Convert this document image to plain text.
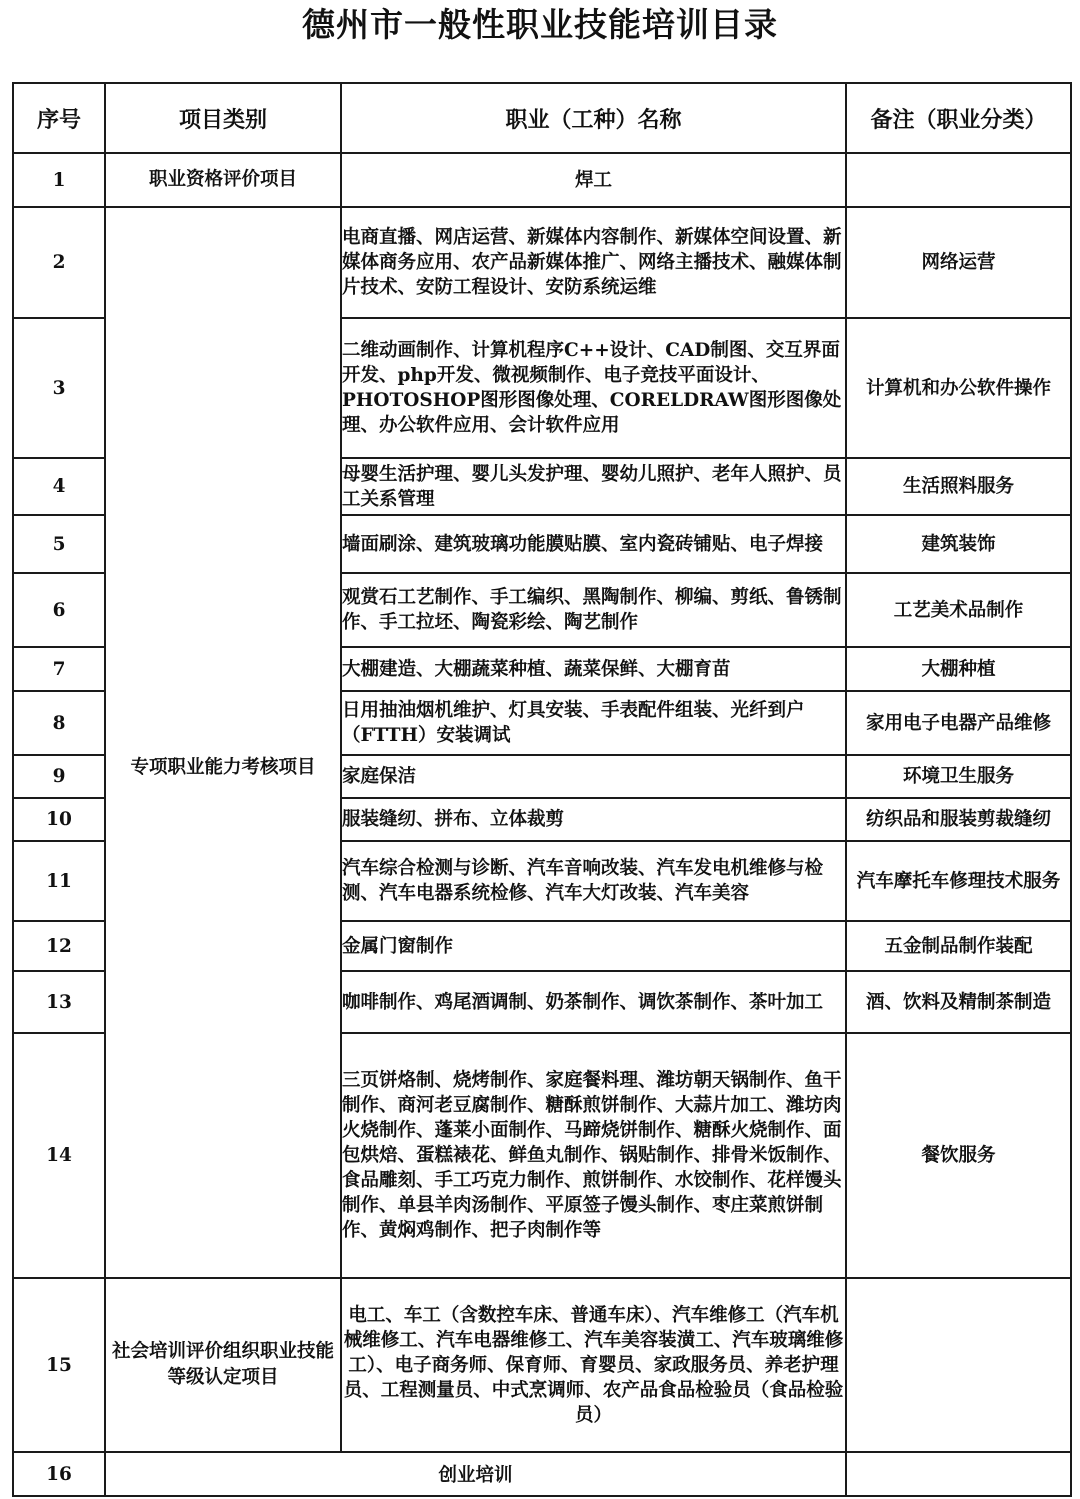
德州市一般性职业技能培训目录
序号	项目类别	职业（工种）名称	备注（职业分类）
1	职业资格评价项目	焊工	
2	专项职业能力考核项目	电商直播、网店运营、新媒体内容制作、新媒体空间设置、新媒体商务应用、农产品新媒体推广、网络主播技术、融媒体制片技术、安防工程设计、安防系统运维	网络运营
3		二维动画制作、计算机程序C++设计、CAD制图、交互界面开发、php开发、微视频制作、电子竞技平面设计、PHOTOSHOP图形图像处理、CORELDRAW图形图像处理、办公软件应用、会计软件应用	计算机和办公软件操作
4		母婴生活护理、婴儿头发护理、婴幼儿照护、老年人照护、员工关系管理	生活照料服务
5		墙面刷涂、建筑玻璃功能膜贴膜、室内瓷砖铺贴、电子焊接	建筑装饰
6		观赏石工艺制作、手工编织、黑陶制作、柳编、剪纸、鲁锈制作、手工拉坯、陶瓷彩绘、陶艺制作	工艺美术品制作
7		大棚建造、大棚蔬菜种植、蔬菜保鲜、大棚育苗	大棚种植
8		日用抽油烟机维护、灯具安装、手表配件组装、光纤到户（FTTH）安装调试	家用电子电器产品维修
9		家庭保洁	环境卫生服务
10		服装缝纫、拼布、立体裁剪	纺织品和服装剪裁缝纫
11		汽车综合检测与诊断、汽车音响改装、汽车发电机维修与检测、汽车电器系统检修、汽车大灯改装、汽车美容	汽车摩托车修理技术服务
12		金属门窗制作	五金制品制作装配
13		咖啡制作、鸡尾酒调制、奶茶制作、调饮茶制作、茶叶加工	酒、饮料及精制茶制造
14		三页饼烙制、烧烤制作、家庭餐料理、潍坊朝天锅制作、鱼干制作、商河老豆腐制作、糖酥煎饼制作、大蒜片加工、潍坊肉火烧制作、蓬莱小面制作、马蹄烧饼制作、糖酥火烧制作、面包烘焙、蛋糕裱花、鲜鱼丸制作、锅贴制作、排骨米饭制作、食品雕刻、手工巧克力制作、煎饼制作、水饺制作、花样馒头制作、单县羊肉汤制作、平原签子馒头制作、枣庄菜煎饼制作、黄焖鸡制作、把子肉制作等	餐饮服务
15	社会培训评价组织职业技能等级认定项目	电工、车工（含数控车床、普通车床）、汽车维修工（汽车机械维修工、汽车电器维修工、汽车美容装潢工、汽车玻璃维修工）、电子商务师、保育师、育婴员、家政服务员、养老护理员、工程测量员、中式烹调师、农产品食品检验员（食品检验员）	
16	创业培训		
